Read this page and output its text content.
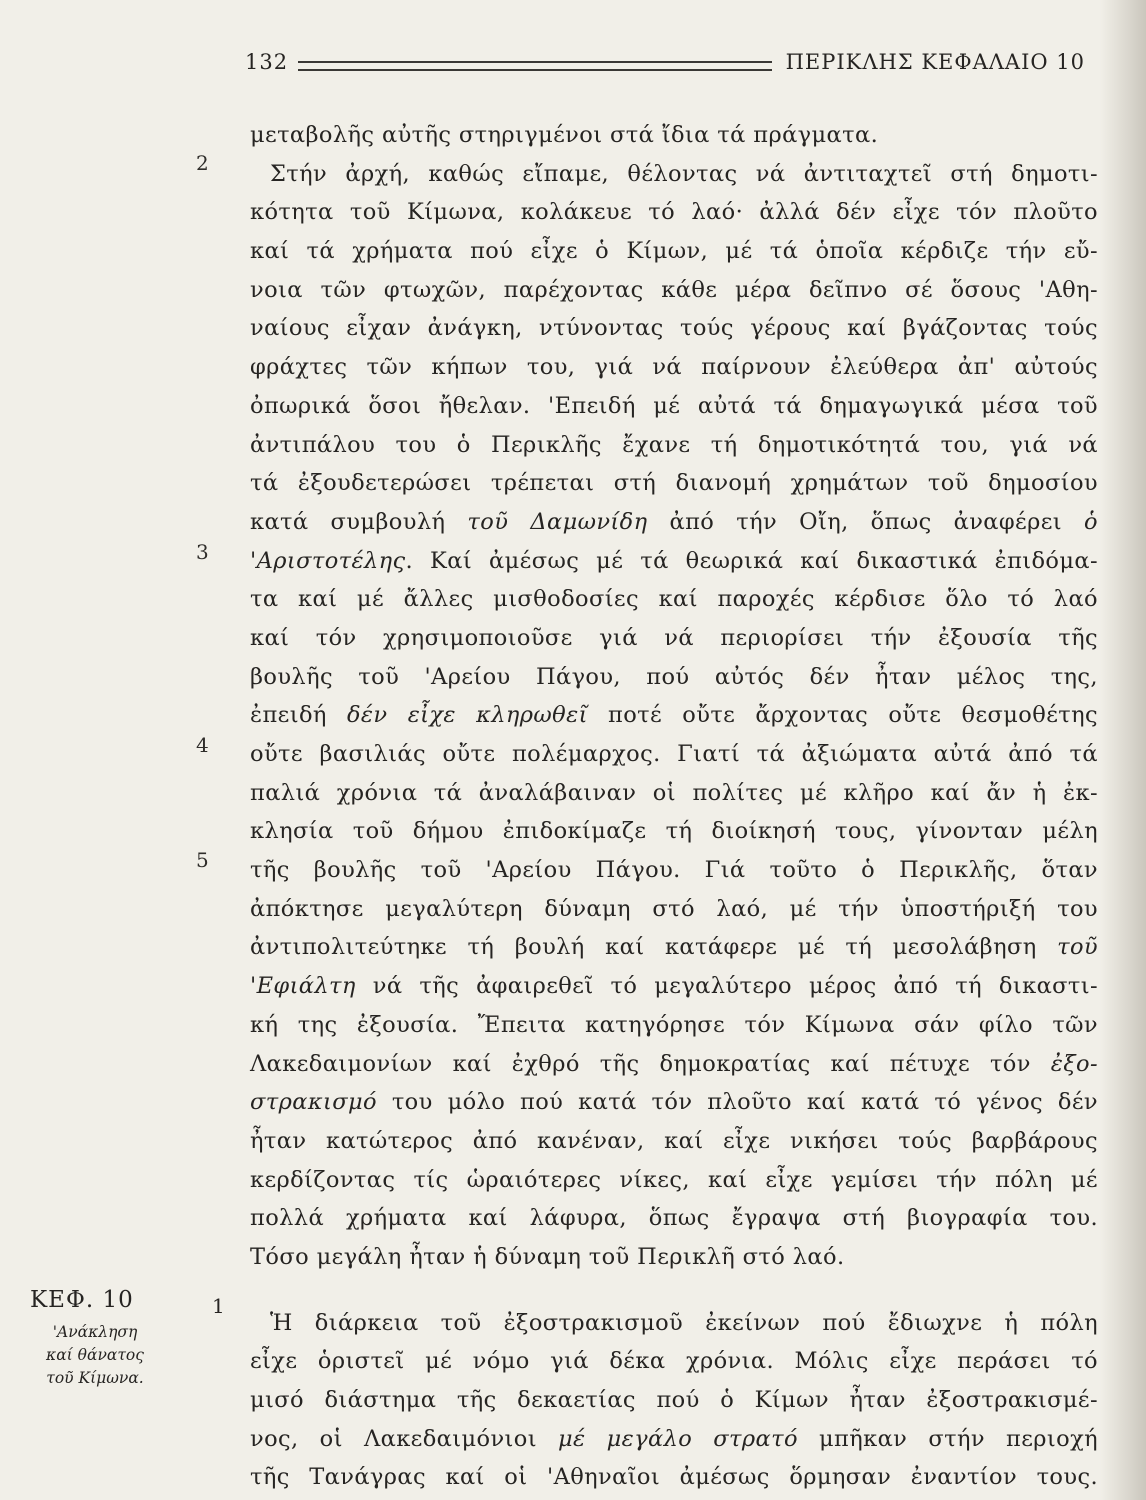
132	ΠΕΡΙΚΛΗΣ ΚΕΦΑΛΑΙΟ 10
2
3
4
5
ΚΕΦ. 10
'Ανάκληση
καί θάνατος
τοῦ Κίμωνα.
1
μεταβολῆς αὐτῆς στηριγμένοι στά ἴδια τά πράγματα.
Στήν ἀρχή, καθώς εἴπαμε, θέλοντας νά ἀντιταχτεῖ στή δημοτι-
κότητα τοῦ Κίμωνα, κολάκευε τό λαό· ἀλλά δέν εἶχε τόν πλοῦτο
καί τά χρήματα πού εἶχε ὁ Κίμων, μέ τά ὁποῖα κέρδιζε τήν εὔ-
νοια τῶν φτωχῶν, παρέχοντας κάθε μέρα δεῖπνο σέ ὅσους 'Αθη-
ναίους εἶχαν ἀνάγκη, ντύνοντας τούς γέρους καί βγάζοντας τούς
φράχτες τῶν κήπων του, γιά νά παίρνουν ἐλεύθερα ἀπ' αὐτούς
ὀπωρικά ὅσοι ἤθελαν. 'Επειδή μέ αὐτά τά δημαγωγικά μέσα τοῦ
ἀντιπάλου του ὁ Περικλῆς ἔχανε τή δημοτικότητά του, γιά νά
τά ἐξουδετερώσει τρέπεται στή διανομή χρημάτων τοῦ δημοσίου
κατά συμβουλή τοῦ Δαμωνίδη ἀπό τήν Οἴη, ὅπως ἀναφέρει ὁ
'Αριστοτέλης. Καί ἀμέσως μέ τά θεωρικά καί δικαστικά ἐπιδόμα-
τα καί μέ ἄλλες μισθοδοσίες καί παροχές κέρδισε ὅλο τό λαό
καί τόν χρησιμοποιοῦσε γιά νά περιορίσει τήν ἐξουσία τῆς
βουλῆς τοῦ 'Αρείου Πάγου, πού αὐτός δέν ἦταν μέλος της,
ἐπειδή δέν εἶχε κληρωθεῖ ποτέ οὔτε ἄρχοντας οὔτε θεσμοθέτης
οὔτε βασιλιάς οὔτε πολέμαρχος. Γιατί τά ἀξιώματα αὐτά ἀπό τά
παλιά χρόνια τά ἀναλάβαιναν οἱ πολίτες μέ κλῆρο καί ἄν ἡ ἐκ-
κλησία τοῦ δήμου ἐπιδοκίμαζε τή διοίκησή τους, γίνονταν μέλη
τῆς βουλῆς τοῦ 'Αρείου Πάγου. Γιά τοῦτο ὁ Περικλῆς, ὅταν
ἀπόκτησε μεγαλύτερη δύναμη στό λαό, μέ τήν ὑποστήριξή του
ἀντιπολιτεύτηκε τή βουλή καί κατάφερε μέ τή μεσολάβηση τοῦ
'Εφιάλτη νά τῆς ἀφαιρεθεῖ τό μεγαλύτερο μέρος ἀπό τή δικαστι-
κή της ἐξουσία. Ἔπειτα κατηγόρησε τόν Κίμωνα σάν φίλο τῶν
Λακεδαιμονίων καί ἐχθρό τῆς δημοκρατίας καί πέτυχε τόν ἐξο-
στρακισμό του μόλο πού κατά τόν πλοῦτο καί κατά τό γένος δέν
ἦταν κατώτερος ἀπό κανέναν, καί εἶχε νικήσει τούς βαρβάρους
κερδίζοντας τίς ὡραιότερες νίκες, καί εἶχε γεμίσει τήν πόλη μέ
πολλά χρήματα καί λάφυρα, ὅπως ἔγραψα στή βιογραφία του.
Τόσο μεγάλη ἦταν ἡ δύναμη τοῦ Περικλῆ στό λαό.
Ἡ διάρκεια τοῦ ἐξοστρακισμοῦ ἐκείνων πού ἔδιωχνε ἡ πόλη
εἶχε ὁριστεῖ μέ νόμο γιά δέκα χρόνια. Μόλις εἶχε περάσει τό
μισό διάστημα τῆς δεκαετίας πού ὁ Κίμων ἦταν ἐξοστρακισμέ-
νος, οἱ Λακεδαιμόνιοι μέ μεγάλο στρατό μπῆκαν στήν περιοχή
τῆς Τανάγρας καί οἱ 'Αθηναῖοι ἀμέσως ὅρμησαν ἐναντίον τους.
